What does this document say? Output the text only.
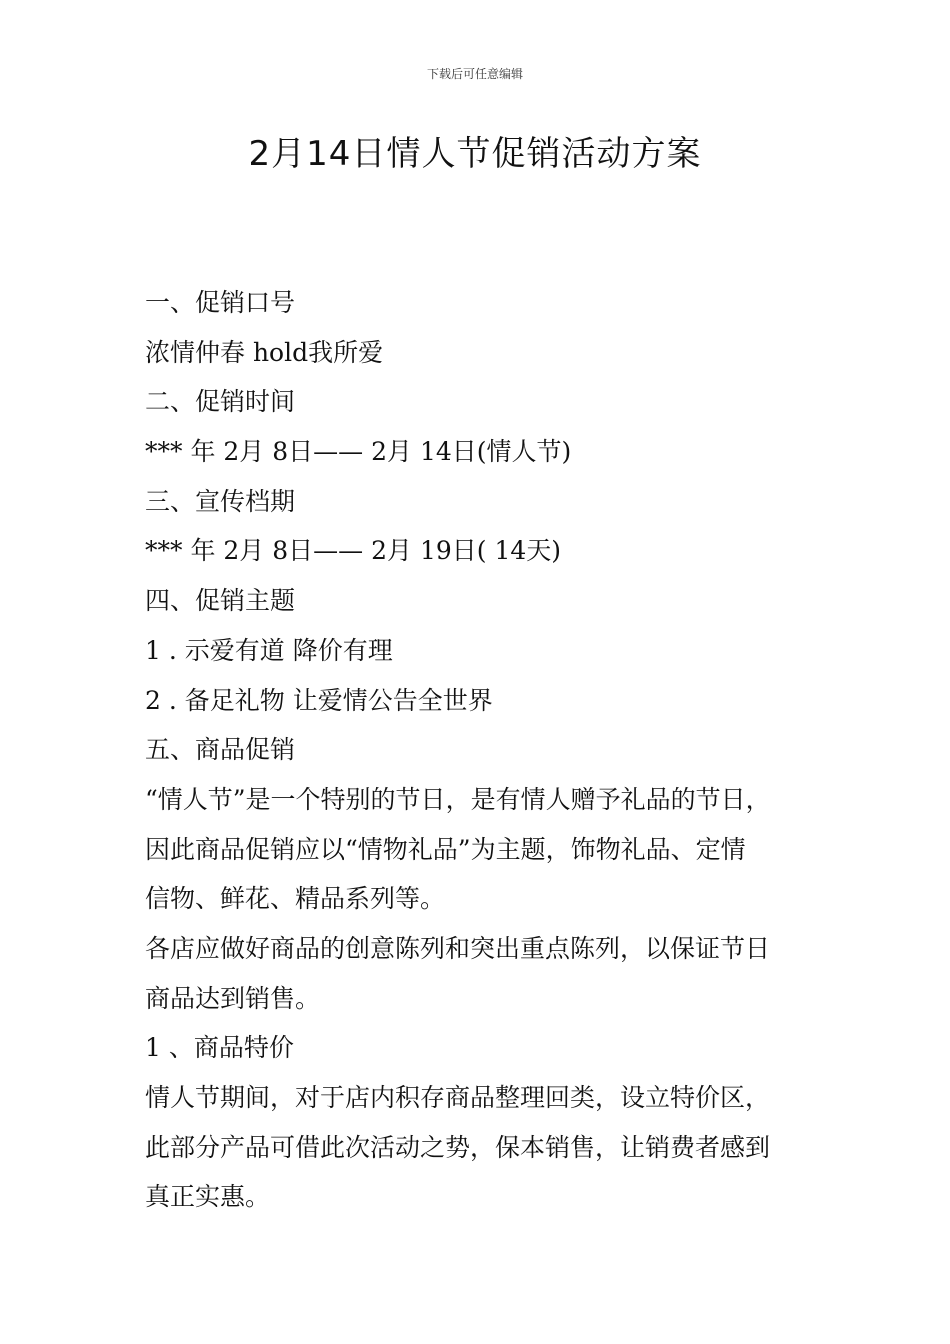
下载后可任意编辑
2月14日情人节促销活动方案
一、促销口号
浓情仲春 hold我所爱
二、促销时间
*** 年 2月 8日—— 2月 14日(情人节)
三、宣传档期
*** 年 2月 8日—— 2月 19日( 14天)
四、促销主题
1 . 示爱有道 降价有理
2 . 备足礼物 让爱情公告全世界
五、商品促销
“情人节”是一个特别的节日，是有情人赠予礼品的节日，
因此商品促销应以“情物礼品”为主题，饰物礼品、定情
信物、鲜花、精品系列等。
各店应做好商品的创意陈列和突出重点陈列，以保证节日
商品达到销售。
1 、商品特价
情人节期间，对于店内积存商品整理回类，设立特价区，
此部分产品可借此次活动之势，保本销售，让销费者感到
真正实惠。
